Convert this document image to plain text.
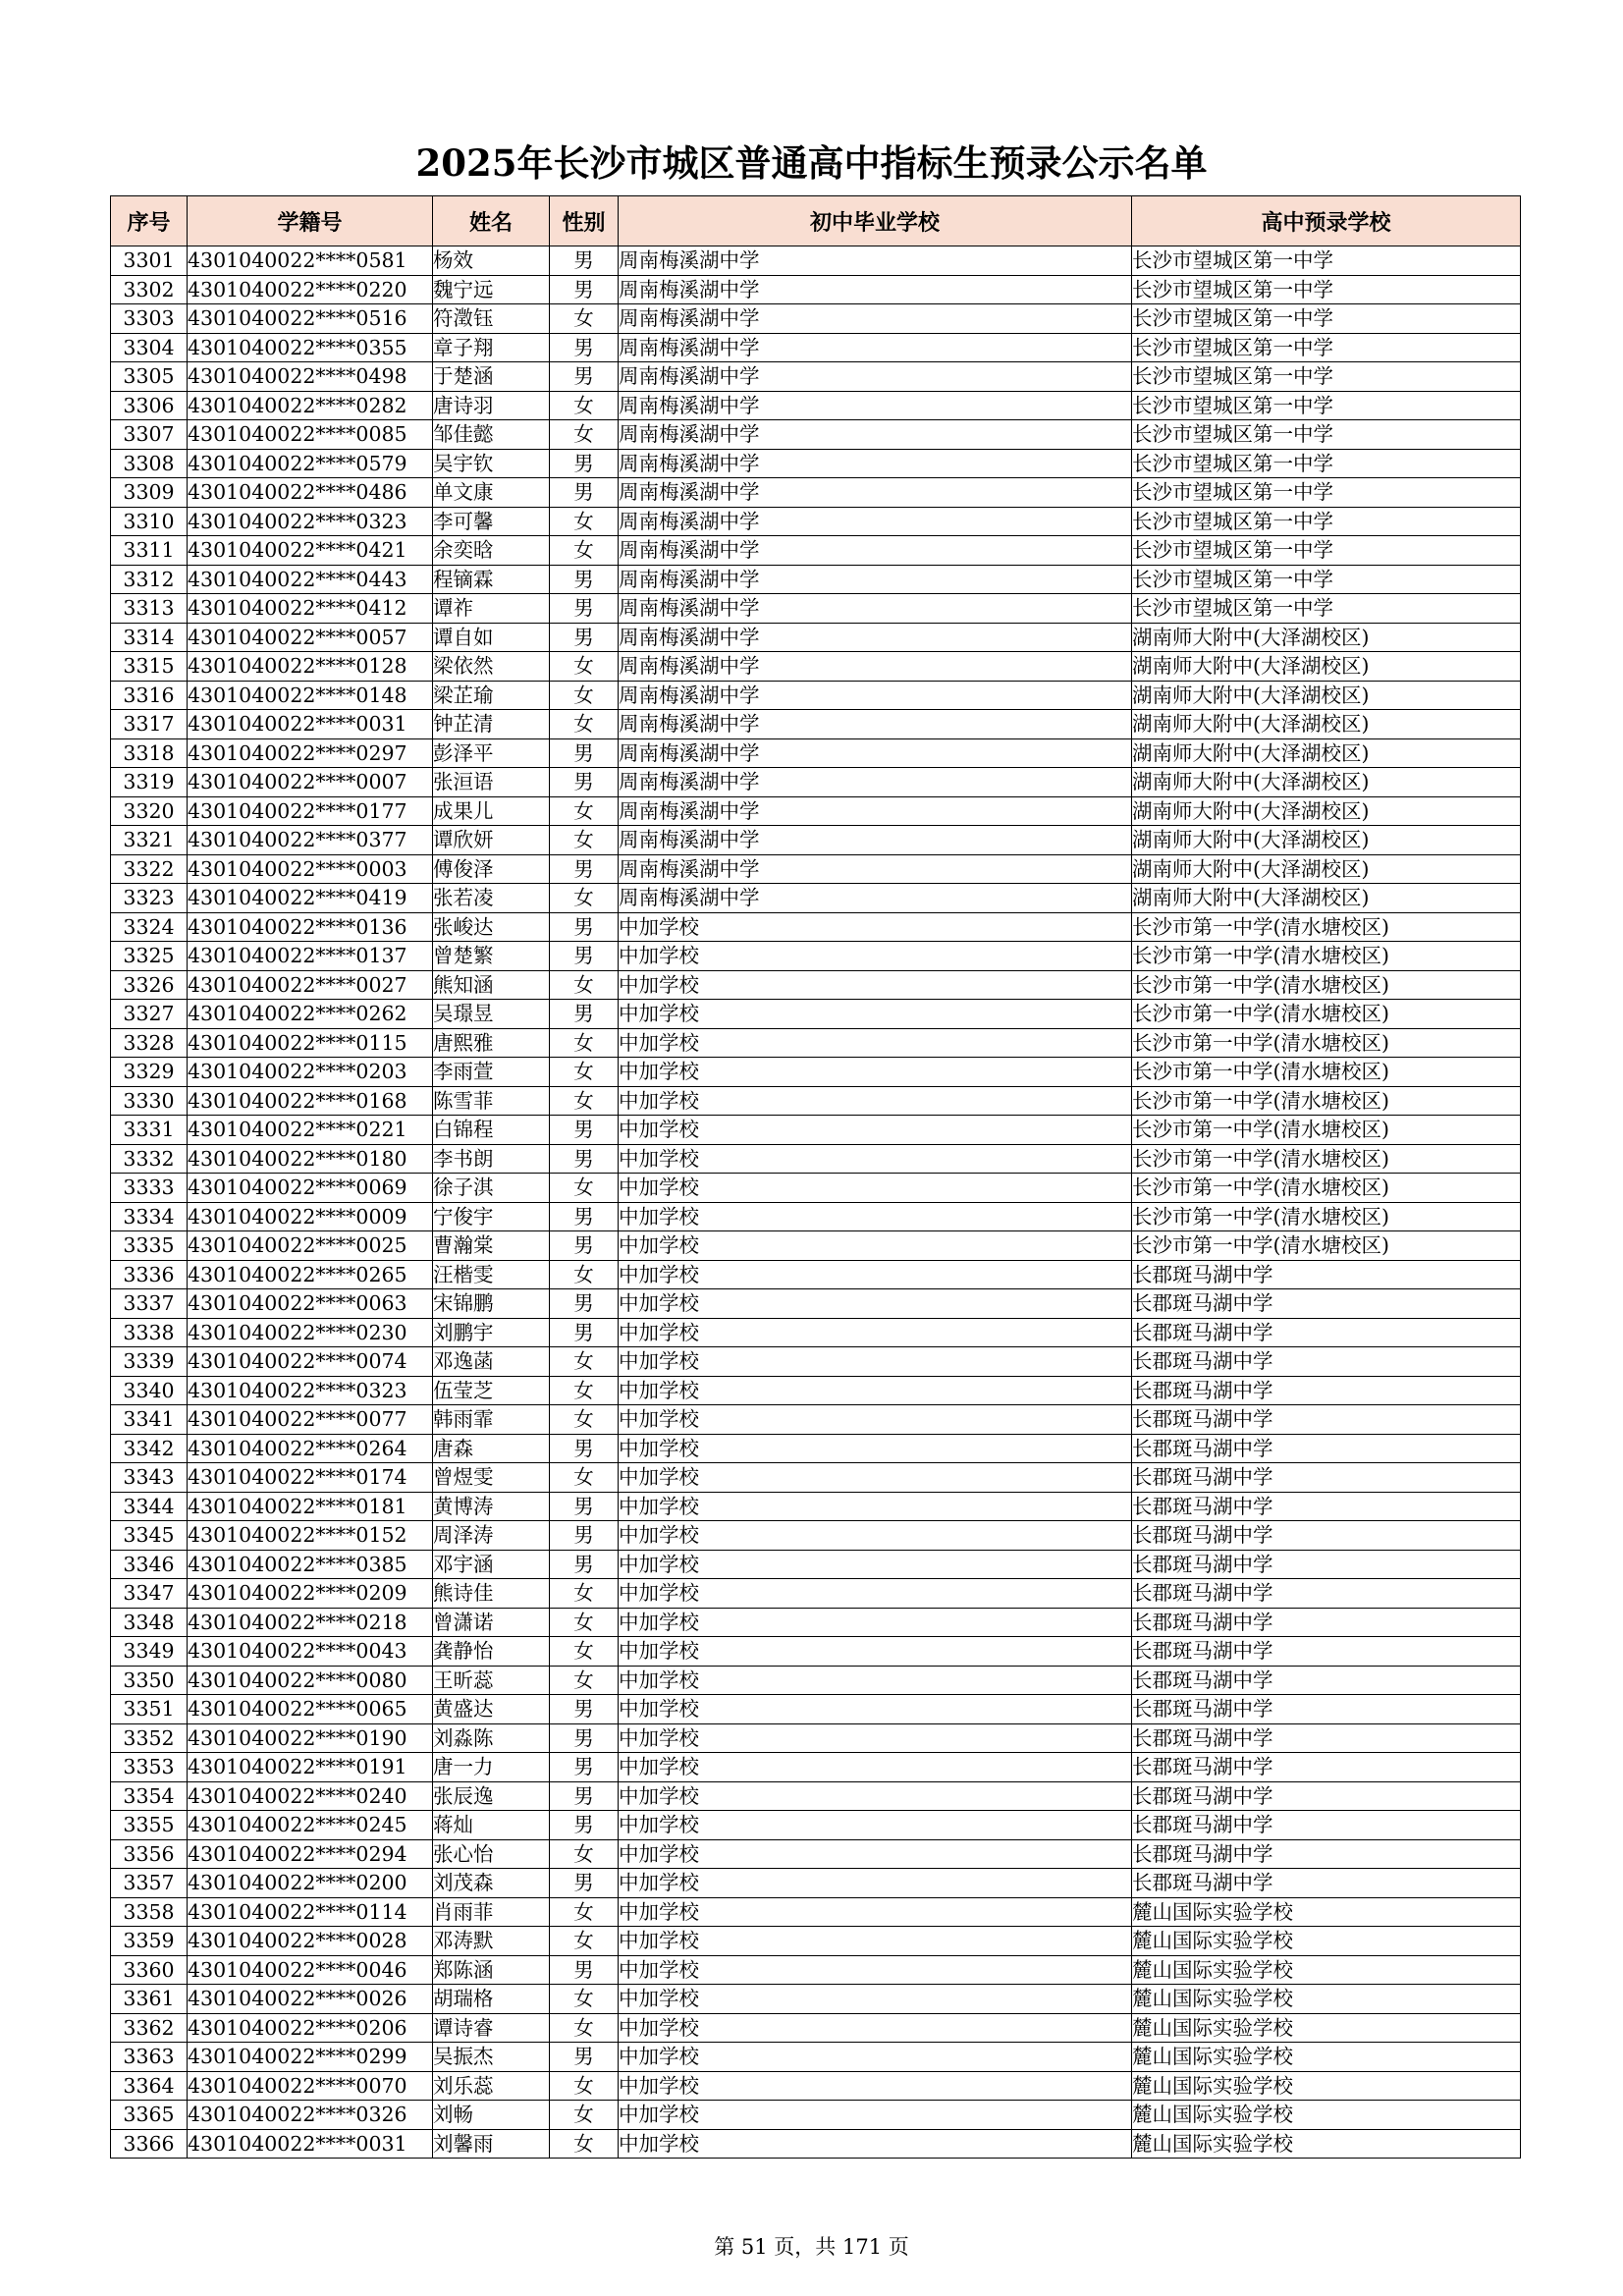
2025年长沙市城区普通高中指标生预录公示名单
序号	学籍号	姓名	性别	初中毕业学校	高中预录学校
3301	4301040022****0581	杨效	男	周南梅溪湖中学	长沙市望城区第一中学
3302	4301040022****0220	魏宁远	男	周南梅溪湖中学	长沙市望城区第一中学
3303	4301040022****0516	符澂钰	女	周南梅溪湖中学	长沙市望城区第一中学
3304	4301040022****0355	章子翔	男	周南梅溪湖中学	长沙市望城区第一中学
3305	4301040022****0498	于楚涵	男	周南梅溪湖中学	长沙市望城区第一中学
3306	4301040022****0282	唐诗羽	女	周南梅溪湖中学	长沙市望城区第一中学
3307	4301040022****0085	邹佳懿	女	周南梅溪湖中学	长沙市望城区第一中学
3308	4301040022****0579	吴宇钦	男	周南梅溪湖中学	长沙市望城区第一中学
3309	4301040022****0486	单文康	男	周南梅溪湖中学	长沙市望城区第一中学
3310	4301040022****0323	李可馨	女	周南梅溪湖中学	长沙市望城区第一中学
3311	4301040022****0421	余奕晗	女	周南梅溪湖中学	长沙市望城区第一中学
3312	4301040022****0443	程镝霖	男	周南梅溪湖中学	长沙市望城区第一中学
3313	4301040022****0412	谭祚	男	周南梅溪湖中学	长沙市望城区第一中学
3314	4301040022****0057	谭自如	男	周南梅溪湖中学	湖南师大附中(大泽湖校区)
3315	4301040022****0128	梁依然	女	周南梅溪湖中学	湖南师大附中(大泽湖校区)
3316	4301040022****0148	梁芷瑜	女	周南梅溪湖中学	湖南师大附中(大泽湖校区)
3317	4301040022****0031	钟芷清	女	周南梅溪湖中学	湖南师大附中(大泽湖校区)
3318	4301040022****0297	彭泽平	男	周南梅溪湖中学	湖南师大附中(大泽湖校区)
3319	4301040022****0007	张洹语	男	周南梅溪湖中学	湖南师大附中(大泽湖校区)
3320	4301040022****0177	成果儿	女	周南梅溪湖中学	湖南师大附中(大泽湖校区)
3321	4301040022****0377	谭欣妍	女	周南梅溪湖中学	湖南师大附中(大泽湖校区)
3322	4301040022****0003	傅俊泽	男	周南梅溪湖中学	湖南师大附中(大泽湖校区)
3323	4301040022****0419	张若凌	女	周南梅溪湖中学	湖南师大附中(大泽湖校区)
3324	4301040022****0136	张峻达	男	中加学校	长沙市第一中学(清水塘校区)
3325	4301040022****0137	曾楚繁	男	中加学校	长沙市第一中学(清水塘校区)
3326	4301040022****0027	熊知涵	女	中加学校	长沙市第一中学(清水塘校区)
3327	4301040022****0262	吴璟昱	男	中加学校	长沙市第一中学(清水塘校区)
3328	4301040022****0115	唐熙雅	女	中加学校	长沙市第一中学(清水塘校区)
3329	4301040022****0203	李雨萱	女	中加学校	长沙市第一中学(清水塘校区)
3330	4301040022****0168	陈雪菲	女	中加学校	长沙市第一中学(清水塘校区)
3331	4301040022****0221	白锦程	男	中加学校	长沙市第一中学(清水塘校区)
3332	4301040022****0180	李书朗	男	中加学校	长沙市第一中学(清水塘校区)
3333	4301040022****0069	徐子淇	女	中加学校	长沙市第一中学(清水塘校区)
3334	4301040022****0009	宁俊宇	男	中加学校	长沙市第一中学(清水塘校区)
3335	4301040022****0025	曹瀚棠	男	中加学校	长沙市第一中学(清水塘校区)
3336	4301040022****0265	汪楷雯	女	中加学校	长郡斑马湖中学
3337	4301040022****0063	宋锦鹏	男	中加学校	长郡斑马湖中学
3338	4301040022****0230	刘鹏宇	男	中加学校	长郡斑马湖中学
3339	4301040022****0074	邓逸菡	女	中加学校	长郡斑马湖中学
3340	4301040022****0323	伍莹芝	女	中加学校	长郡斑马湖中学
3341	4301040022****0077	韩雨霏	女	中加学校	长郡斑马湖中学
3342	4301040022****0264	唐森	男	中加学校	长郡斑马湖中学
3343	4301040022****0174	曾煜雯	女	中加学校	长郡斑马湖中学
3344	4301040022****0181	黄博涛	男	中加学校	长郡斑马湖中学
3345	4301040022****0152	周泽涛	男	中加学校	长郡斑马湖中学
3346	4301040022****0385	邓宇涵	男	中加学校	长郡斑马湖中学
3347	4301040022****0209	熊诗佳	女	中加学校	长郡斑马湖中学
3348	4301040022****0218	曾潇诺	女	中加学校	长郡斑马湖中学
3349	4301040022****0043	龚静怡	女	中加学校	长郡斑马湖中学
3350	4301040022****0080	王昕蕊	女	中加学校	长郡斑马湖中学
3351	4301040022****0065	黄盛达	男	中加学校	长郡斑马湖中学
3352	4301040022****0190	刘淼陈	男	中加学校	长郡斑马湖中学
3353	4301040022****0191	唐一力	男	中加学校	长郡斑马湖中学
3354	4301040022****0240	张辰逸	男	中加学校	长郡斑马湖中学
3355	4301040022****0245	蒋灿	男	中加学校	长郡斑马湖中学
3356	4301040022****0294	张心怡	女	中加学校	长郡斑马湖中学
3357	4301040022****0200	刘茂森	男	中加学校	长郡斑马湖中学
3358	4301040022****0114	肖雨菲	女	中加学校	麓山国际实验学校
3359	4301040022****0028	邓涛默	女	中加学校	麓山国际实验学校
3360	4301040022****0046	郑陈涵	男	中加学校	麓山国际实验学校
3361	4301040022****0026	胡瑞格	女	中加学校	麓山国际实验学校
3362	4301040022****0206	谭诗睿	女	中加学校	麓山国际实验学校
3363	4301040022****0299	吴振杰	男	中加学校	麓山国际实验学校
3364	4301040022****0070	刘乐蕊	女	中加学校	麓山国际实验学校
3365	4301040022****0326	刘畅	女	中加学校	麓山国际实验学校
3366	4301040022****0031	刘馨雨	女	中加学校	麓山国际实验学校
第 51 页，共 171 页
